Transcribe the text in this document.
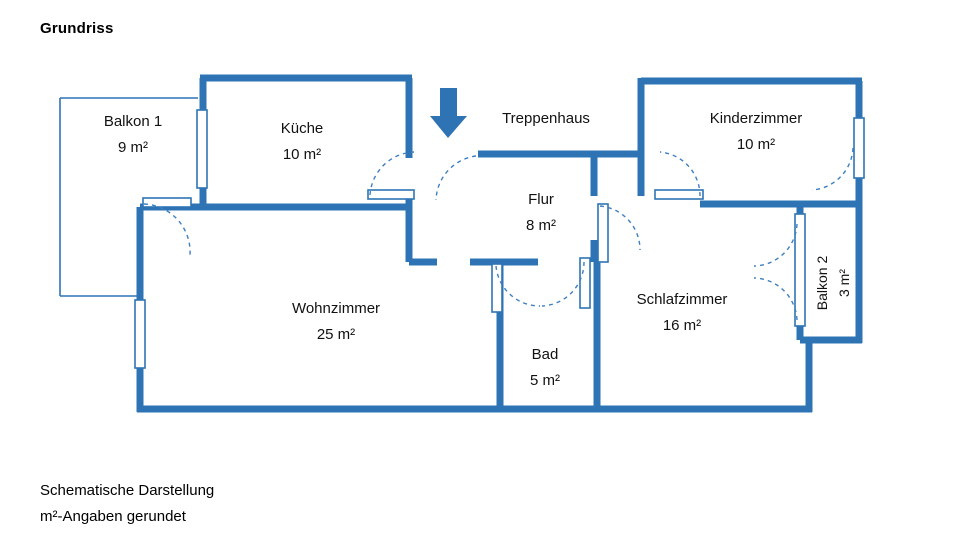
Grundriss
Balkon 1
9 m²
Küche
10 m²
Treppenhaus	Kinderzimmer
10 m²
Flur
8 m²
Wohnzimmer
25 m²
Schlafzimmer
16 m²
Bad
5 m²
Balkon 2 3 m²
Schematische Darstellung
m²-Angaben gerundet
